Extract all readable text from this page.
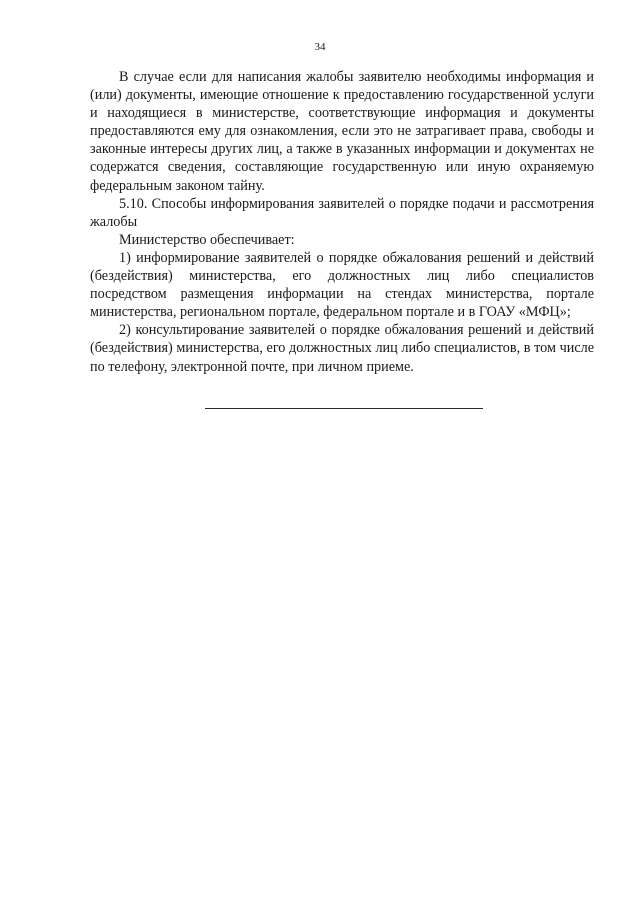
34

В случае если для написания жалобы заявителю необходимы информация и (или) документы, имеющие отношение к предоставлению государственной услуги и находящиеся в министерстве, соответствующие информация и документы предоставляются ему для ознакомления, если это не затрагивает права, свободы и законные интересы других лиц, а также в указанных информации и документах не содержатся сведения, составляющие государственную или иную охраняемую федеральным законом тайну.

5.10. Способы информирования заявителей о порядке подачи и рассмотрения жалобы

Министерство обеспечивает:

1) информирование заявителей о порядке обжалования решений и действий (бездействия) министерства, его должностных лиц либо специалистов посредством размещения информации на стендах министерства, портале министерства, региональном портале, федеральном портале и в ГОАУ «МФЦ»;

2) консультирование заявителей о порядке обжалования решений и действий (бездействия) министерства, его должностных лиц либо специалистов, в том числе по телефону, электронной почте, при личном приеме.
